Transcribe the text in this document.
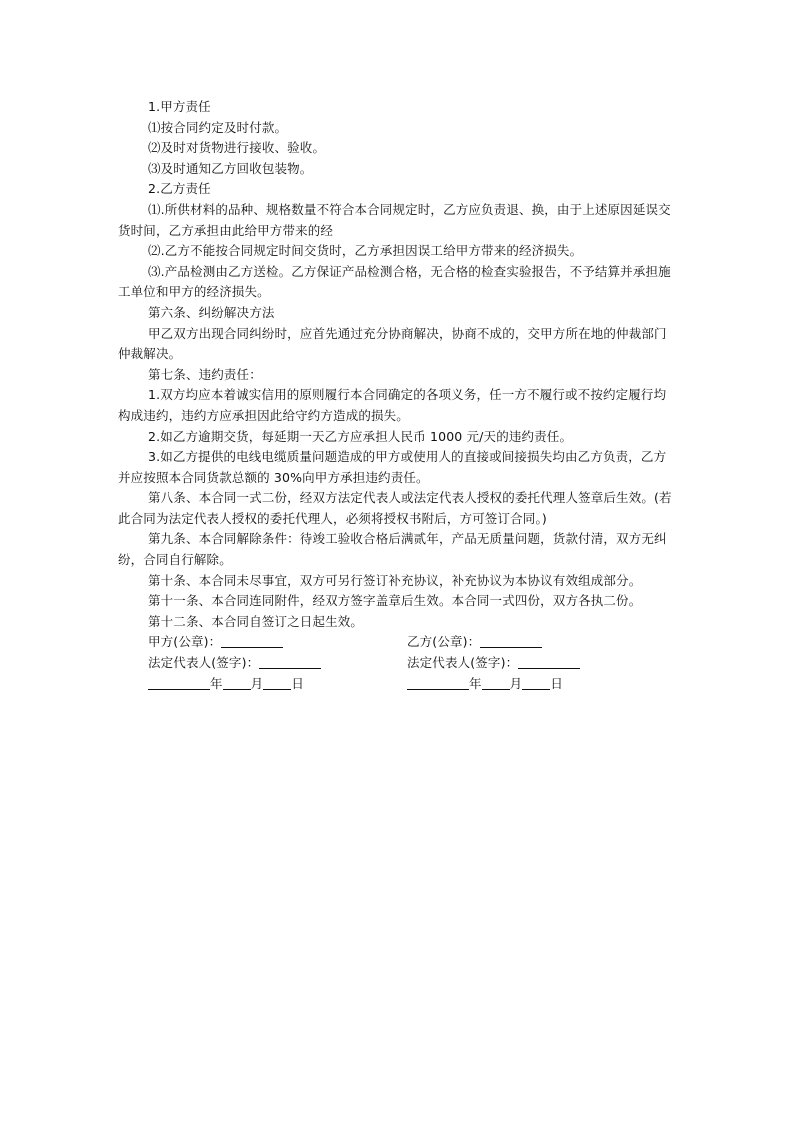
1.甲方责任

⑴按合同约定及时付款。

⑵及时对货物进行接收、验收。

⑶及时通知乙方回收包装物。

2.乙方责任

⑴.所供材料的品种、规格数量不符合本合同规定时，乙方应负责退、换，由于上述原因延误交货时间，乙方承担由此给甲方带来的经

⑵.乙方不能按合同规定时间交货时，乙方承担因误工给甲方带来的经济损失。

⑶.产品检测由乙方送检。乙方保证产品检测合格，无合格的检查实验报告，不予结算并承担施工单位和甲方的经济损失。

第六条、纠纷解决方法

甲乙双方出现合同纠纷时，应首先通过充分协商解决，协商不成的，交甲方所在地的仲裁部门仲裁解决。

第七条、违约责任：

1.双方均应本着诚实信用的原则履行本合同确定的各项义务，任一方不履行或不按约定履行均构成违约，违约方应承担因此给守约方造成的损失。

2.如乙方逾期交货，每延期一天乙方应承担人民币 1000 元/天的违约责任。

3.如乙方提供的电线电缆质量问题造成的甲方或使用人的直接或间接损失均由乙方负责，乙方并应按照本合同货款总额的 30%向甲方承担违约责任。

第八条、本合同一式二份，经双方法定代表人或法定代表人授权的委托代理人签章后生效。(若此合同为法定代表人授权的委托代理人，必须将授权书附后，方可签订合同。)

第九条、本合同解除条件：待竣工验收合格后满贰年，产品无质量问题，货款付清，双方无纠纷，合同自行解除。

第十条、本合同未尽事宜，双方可另行签订补充协议，补充协议为本协议有效组成部分。

第十一条、本合同连同附件，经双方签字盖章后生效。本合同一式四份，双方各执二份。

第十二条、本合同自签订之日起生效。

甲方(公章)：	乙方(公章)：
法定代表人(签字)：	法定代表人(签字)：
年 月 日	年 月 日
